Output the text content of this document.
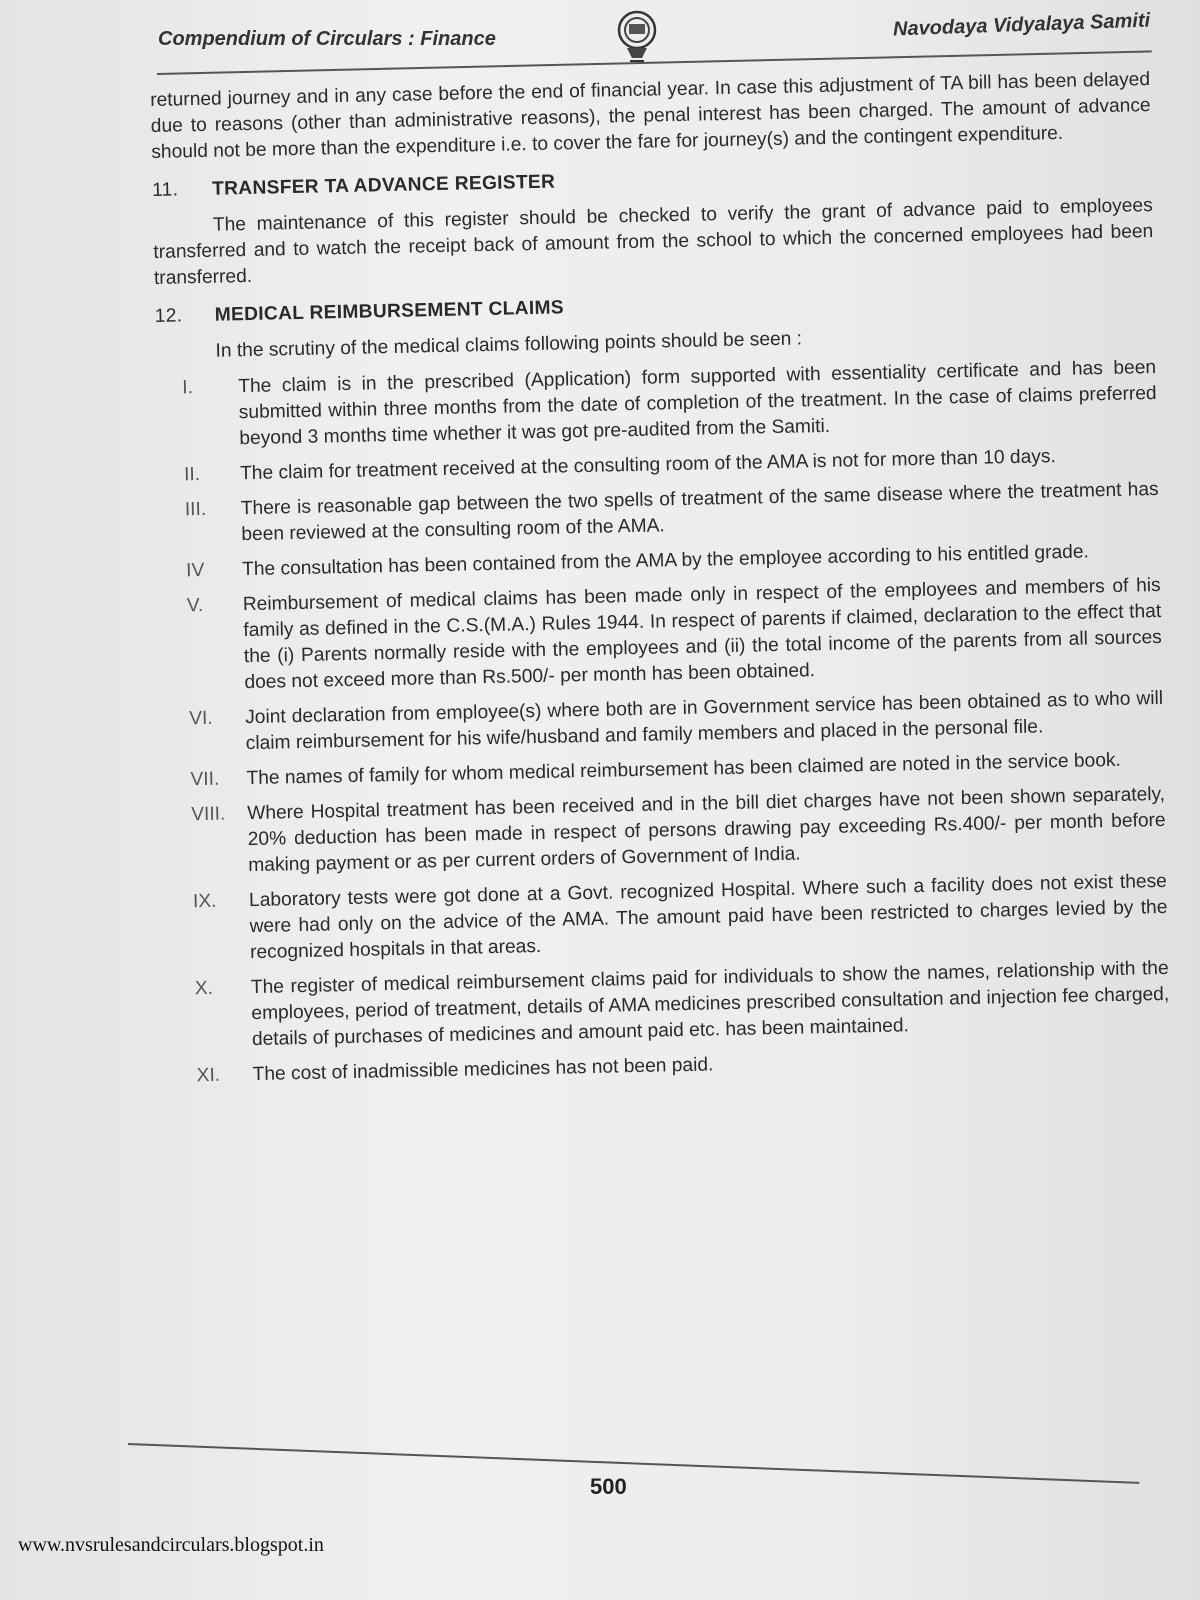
Compendium of Circulars : Finance	Navodaya Vidyalaya Samiti

returned journey and in any case before the end of financial year. In case this adjustment of TA bill has been delayed due to reasons (other than administrative reasons), the penal interest has been charged. The amount of advance should not be more than the expenditure i.e. to cover the fare for journey(s) and the contingent expenditure.

11.	TRANSFER TA ADVANCE REGISTER

The maintenance of this register should be checked to verify the grant of advance paid to employees transferred and to watch the receipt back of amount from the school to which the concerned employees had been transferred.

12.	MEDICAL REIMBURSEMENT CLAIMS

In the scrutiny of the medical claims following points should be seen :

I.	The claim is in the prescribed (Application) form supported with essentiality certificate and has been submitted within three months from the date of completion of the treatment. In the case of claims preferred beyond 3 months time whether it was got pre-audited from the Samiti.
II.	The claim for treatment received at the consulting room of the AMA is not for more than 10 days.
III.	There is reasonable gap between the two spells of treatment of the same disease where the treatment has been reviewed at the consulting room of the AMA.
IV	The consultation has been contained from the AMA by the employee according to his entitled grade.
V.	Reimbursement of medical claims has been made only in respect of the employees and members of his family as defined in the C.S.(M.A.) Rules 1944. In respect of parents if claimed, declaration to the effect that the (i) Parents normally reside with the employees and (ii) the total income of the parents from all sources does not exceed more than Rs.500/- per month has been obtained.
VI.	Joint declaration from employee(s) where both are in Government service has been obtained as to who will claim reimbursement for his wife/husband and family members and placed in the personal file.
VII.	The names of family for whom medical reimbursement has been claimed are noted in the service book.
VIII.	Where Hospital treatment has been received and in the bill diet charges have not been shown separately, 20% deduction has been made in respect of persons drawing pay exceeding Rs.400/- per month before making payment or as per current orders of Government of India.
IX.	Laboratory tests were got done at a Govt. recognized Hospital. Where such a facility does not exist these were had only on the advice of the AMA. The amount paid have been restricted to charges levied by the recognized hospitals in that areas.
X.	The register of medical reimbursement claims paid for individuals to show the names, relationship with the employees, period of treatment, details of AMA medicines prescribed consultation and injection fee charged, details of purchases of medicines and amount paid etc. has been maintained.
XI.	The cost of inadmissible medicines has not been paid.
500
www.nvsrulesandcirculars.blogspot.in
